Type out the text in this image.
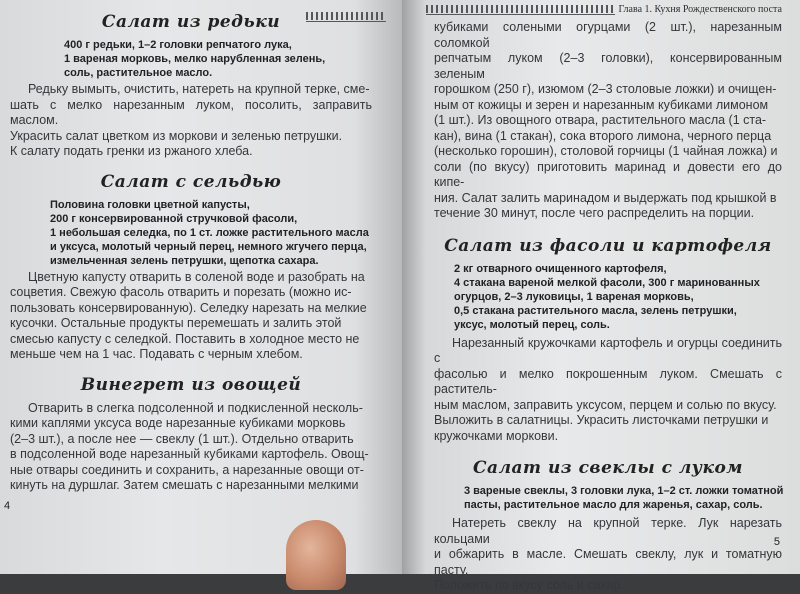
Салат из редьки
400 г редьки, 1–2 головки репчатого лука,
1 вареная морковь, мелко нарубленная зелень,
соль, растительное масло.

Редьку вымыть, очистить, натереть на крупной терке, сме-

шать с мелко нарезанным луком, посолить, заправить маслом.
Украсить салат цветком из моркови и зеленью петрушки.
К салату подать гренки из ржаного хлеба.
Салат с сельдью
Половина головки цветной капусты,
200 г консервированной стручковой фасоли,
1 небольшая селедка, по 1 ст. ложке растительного масла
и уксуса, молотый черный перец, немного жгучего перца,
измельченная зелень петрушки, щепотка сахара.

Цветную капусту отварить в соленой воде и разобрать на

соцветия. Свежую фасоль отварить и порезать (можно ис-
пользовать консервированную). Селедку нарезать на мелкие
кусочки. Остальные продукты перемешать и залить этой
смесью капусту с селедкой. Поставить в холодное место не
меньше чем на 1 час. Подавать с черным хлебом.
Винегрет из овощей

Отварить в слегка подсоленной и подкисленной несколь-

кими каплями уксуса воде нарезанные кубиками морковь
(2–3 шт.), а после нее — свеклу (1 шт.). Отдельно отварить
в подсоленной воде нарезанный кубиками картофель. Овощ-
ные отвары соединить и сохранить, а нарезанные овощи от-
кинуть на дуршлаг. Затем смешать с нарезанными мелкими
4
Глава 1. Кухня Рождественского поста
кубиками солеными огурцами (2 шт.), нарезанным соломкой
репчатым луком (2–3 головки), консервированным зеленым
горошком (250 г), изюмом (2–3 столовые ложки) и очищен-
ным от кожицы и зерен и нарезанным кубиками лимоном
(1 шт.). Из овощного отвара, растительного масла (1 ста-
кан), вина (1 стакан), сока второго лимона, черного перца
(несколько горошин), столовой горчицы (1 чайная ложка) и
соли (по вкусу) приготовить маринад и довести его до кипе-
ния. Салат залить маринадом и выдержать под крышкой в
течение 30 минут, после чего распределить на порции.
Салат из фасоли и картофеля
2 кг отварного очищенного картофеля,
4 стакана вареной мелкой фасоли, 300 г маринованных
огурцов, 2–3 луковицы, 1 вареная морковь,
0,5 стакана растительного масла, зелень петрушки,
уксус, молотый перец, соль.

Нарезанный кружочками картофель и огурцы соединить с

фасолью и мелко покрошенным луком. Смешать с раститель-
ным маслом, заправить уксусом, перцем и солью по вкусу.
Выложить в салатницы. Украсить листочками петрушки и
кружочками моркови.
Салат из свеклы с луком
3 вареные свеклы, 3 головки лука, 1–2 ст. ложки томатной
пасты, растительное масло для жаренья, сахар, соль.

Натереть свеклу на крупной терке. Лук нарезать кольцами

и обжарить в масле. Смешать свеклу, лук и томатную пасту.
Положить по вкусу соль и сахар.
5
